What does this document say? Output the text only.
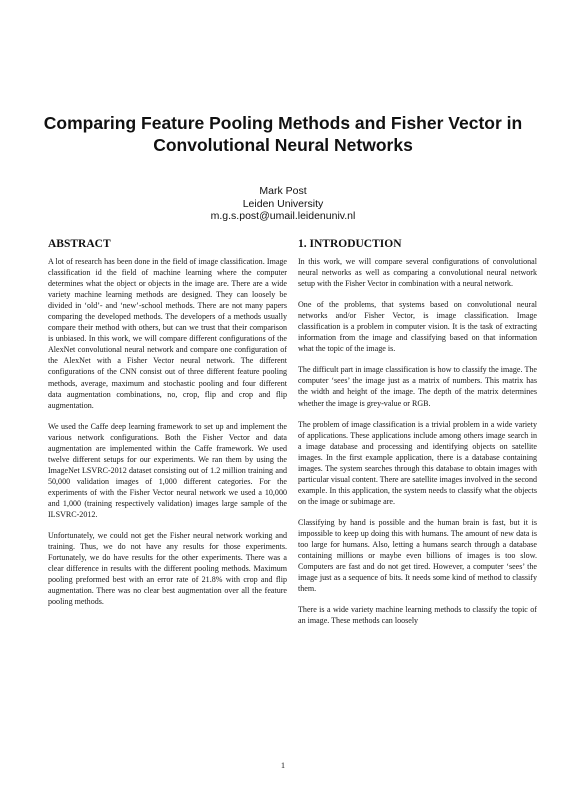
Comparing Feature Pooling Methods and Fisher Vector in Convolutional Neural Networks
Mark Post
Leiden University
m.g.s.post@umail.leidenuniv.nl
ABSTRACT

A lot of research has been done in the field of image classification. Image classification id the field of machine learning where the computer determines what the object or objects in the image are. There are a wide variety machine learning methods are designed. They can loosely be divided in ‘old’- and ‘new’-school methods. There are not many papers comparing the developed methods. The developers of a methods usually compare their method with others, but can we trust that their comparison is unbiased. In this work, we will compare different configurations of the AlexNet convolutional neural network and compare one configuration of the AlexNet with a Fisher Vector neural network. The different configurations of the CNN consist out of three different feature pooling methods, average, maximum and stochastic pooling and four different data augmentation combinations, no, crop, flip and crop and flip augmentation.

We used the Caffe deep learning framework to set up and implement the various network configurations. Both the Fisher Vector and data augmentation are implemented within the Caffe framework. We used twelve different setups for our experiments. We ran them by using the ImageNet LSVRC-2012 dataset consisting out of 1.2 million training and 50,000 validation images of 1,000 different categories. For the experiments of with the Fisher Vector neural network we used a 10,000 and 1,000 (training respectively validation) images large sample of the ILSVRC-2012.

Unfortunately, we could not get the Fisher neural network working and training. Thus, we do not have any results for those experiments. Fortunately, we do have results for the other experiments. There was a clear difference in results with the different pooling methods. Maximum pooling preformed best with an error rate of 21.8% with crop and flip augmentation. There was no clear best augmentation over all the feature pooling methods.

1. INTRODUCTION

In this work, we will compare several configurations of convolutional neural networks as well as comparing a convolutional neural network setup with the Fisher Vector in combination with a neural network.

One of the problems, that systems based on convolutional neural networks and/or Fisher Vector, is image classification. Image classification is a problem in computer vision. It is the task of extracting information from the image and classifying based on that information what the topic of the image is.

The difficult part in image classification is how to classify the image. The computer ‘sees’ the image just as a matrix of numbers. This matrix has the width and height of the image. The depth of the matrix determines whether the image is grey-value or RGB.

The problem of image classification is a trivial problem in a wide variety of applications. These applications include among others image search in a image database and processing and identifying objects on satellite images. In the first example application, there is a database containing images. The system searches through this database to obtain images with particular visual content. There are satellite images involved in the second example. In this application, the system needs to classify what the objects on the image or subimage are.

Classifying by hand is possible and the human brain is fast, but it is impossible to keep up doing this with humans. The amount of new data is too large for humans. Also, letting a humans search through a database containing millions or maybe even billions of images is too slow. Computers are fast and do not get tired. However, a computer ‘sees’ the image just as a sequence of bits. It needs some kind of method to classify them.

There is a wide variety machine learning methods to classify the topic of an image. These methods can loosely

1
